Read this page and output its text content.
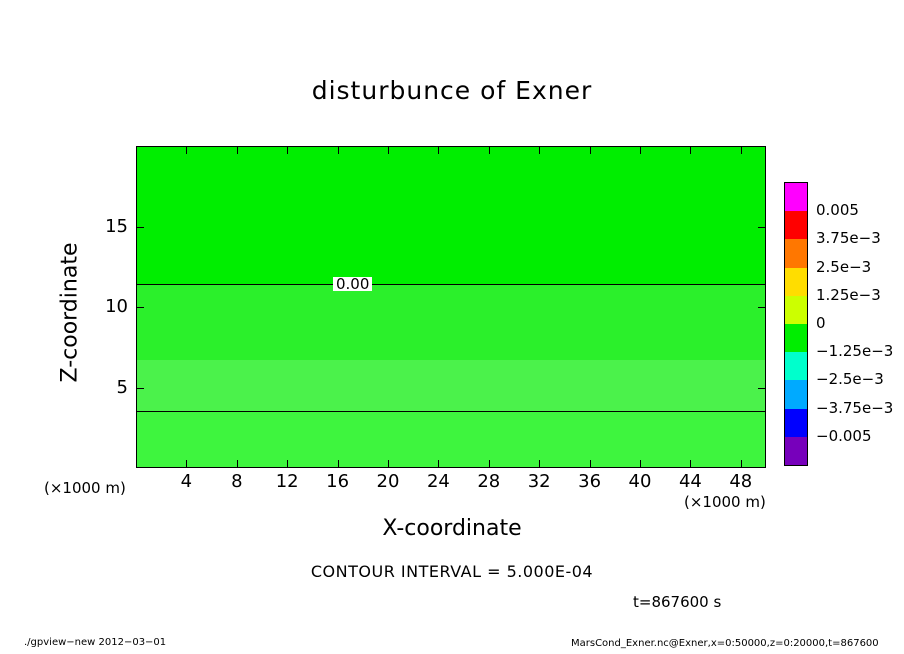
disturbunce of Exner
0.00
X-coordinate
Z-coordinate
(×1000 m)
(×1000 m)
CONTOUR INTERVAL = 5.000E-04
t=867600 s
./gpview−new 2012−03−01	MarsCond_Exner.nc@Exner,x=0:50000,z=0:20000,t=867600
4	8	12	16	20	24	28	32	36	40	44	48
5
10
15
0.005
3.75e−3
2.5e−3
1.25e−3
0
−1.25e−3
−2.5e−3
−3.75e−3
−0.005
